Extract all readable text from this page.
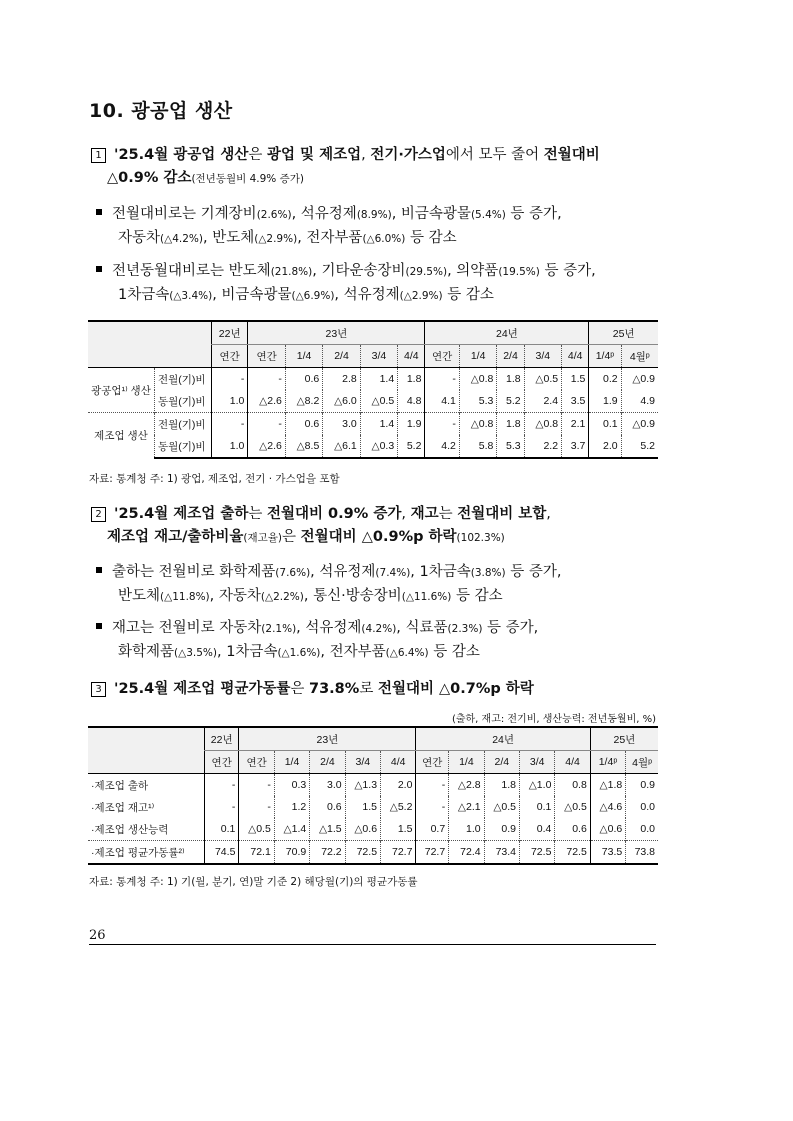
10. 광공업 생산
1 '25.4월 광공업 생산은 광업 및 제조업, 전기·가스업에서 모두 줄어 전월대비
△0.9% 감소(전년동월비 4.9% 증가)
전월대비로는 기계장비(2.6%), 석유정제(8.9%), 비금속광물(5.4%) 등 증가,
자동차(△4.2%), 반도체(△2.9%), 전자부품(△6.0%) 등 감소
전년동월대비로는 반도체(21.8%), 기타운송장비(29.5%), 의약품(19.5%) 등 증가,
1차금속(△3.4%), 비금속광물(△6.9%), 석유정제(△2.9%) 등 감소
		22년	23년					24년					25년	
		연간	연간	1/4	2/4	3/4	4/4	연간	1/4	2/4	3/4	4/4	1/4ᵖ	4월ᵖ
광공업¹⁾ 생산	전월(기)비	-	-	0.6	2.8	1.4	1.8	-	△0.8	1.8	△0.5	1.5	0.2	△0.9
	동월(기)비	1.0	△2.6	△8.2	△6.0	△0.5	4.8	4.1	5.3	5.2	2.4	3.5	1.9	4.9
제조업 생산	전월(기)비	-	-	0.6	3.0	1.4	1.9	-	△0.8	1.8	△0.8	2.1	0.1	△0.9
	동월(기)비	1.0	△2.6	△8.5	△6.1	△0.3	5.2	4.2	5.8	5.3	2.2	3.7	2.0	5.2
자료: 통계청 주: 1) 광업, 제조업, 전기 · 가스업을 포함
2 '25.4월 제조업 출하는 전월대비 0.9% 증가, 재고는 전월대비 보합,
제조업 재고/출하비율(재고율)은 전월대비 △0.9%p 하락(102.3%)
출하는 전월비로 화학제품(7.6%), 석유정제(7.4%), 1차금속(3.8%) 등 증가,
반도체(△11.8%), 자동차(△2.2%), 통신·방송장비(△11.6%) 등 감소
재고는 전월비로 자동차(2.1%), 석유정제(4.2%), 식료품(2.3%) 등 증가,
화학제품(△3.5%), 1차금속(△1.6%), 전자부품(△6.4%) 등 감소
3 '25.4월 제조업 평균가동률은 73.8%로 전월대비 △0.7%p 하락
(출하, 재고: 전기비, 생산능력: 전년동월비, %)
	22년	23년					24년					25년	
	연간	연간	1/4	2/4	3/4	4/4	연간	1/4	2/4	3/4	4/4	1/4ᵖ	4월ᵖ
·제조업 출하	-	-	0.3	3.0	△1.3	2.0	-	△2.8	1.8	△1.0	0.8	△1.8	0.9
·제조업 재고¹⁾	-	-	1.2	0.6	1.5	△5.2	-	△2.1	△0.5	0.1	△0.5	△4.6	0.0
·제조업 생산능력	0.1	△0.5	△1.4	△1.5	△0.6	1.5	0.7	1.0	0.9	0.4	0.6	△0.6	0.0
·제조업 평균가동률²⁾	74.5	72.1	70.9	72.2	72.5	72.7	72.7	72.4	73.4	72.5	72.5	73.5	73.8
자료: 통계청 주: 1) 기(월, 분기, 연)말 기준 2) 해당월(기)의 평균가동률
26
